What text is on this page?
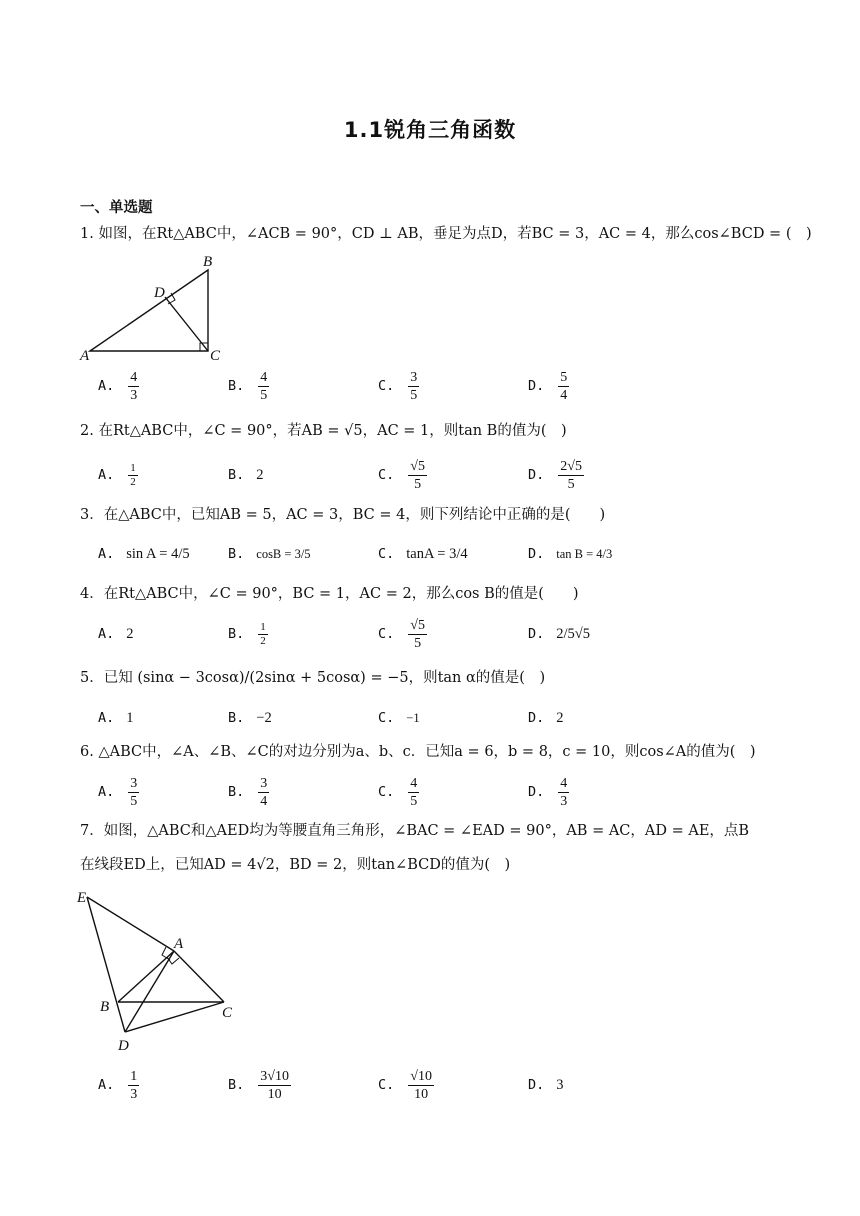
1.1锐角三角函数
一、单选题
1. 如图，在Rt△ABC中，∠ACB = 90°，CD ⊥ AB，垂足为点D，若BC = 3，AC = 4，那么cos∠BCD = (　)
B
D
A	C
A. $\frac{4}{3}$	B. $\frac{4}{5}$	C. $\frac{3}{5}$	D. $\frac{5}{4}$
2. 在Rt△ABC中，∠C = 90°，若AB = √5，AC = 1，则tan B的值为(　)
A. $\frac{1}{2}$	B. 2	C. $\frac{√5}{5}$	D. $\frac{2√5}{5}$
3．在△ABC中，已知AB = 5，AC = 3，BC = 4，则下列结论中正确的是(　　)
A. sin A = 4/5	B. cosB = 3/5	C. tanA = 3/4	D. tan B = 4/3
4．在Rt△ABC中，∠C = 90°，BC = 1，AC = 2，那么cos B的值是(　　)
A. 2	B. $\frac{1}{2}$	C. $\frac{√5}{5}$	D. 2/5√5
5．已知 (sinα − 3cosα)/(2sinα + 5cosα) = −5，则tan α的值是(　)
A. 1	B. −2	C. −1	D. 2
6. △ABC中，∠A、∠B、∠C的对边分别为a、b、c．已知a = 6，b = 8，c = 10，则cos∠A的值为(　)
A. $\frac{3}{5}$	B. $\frac{3}{4}$	C. $\frac{4}{5}$	D. $\frac{4}{3}$
7．如图，△ABC和△AED均为等腰直角三角形，∠BAC = ∠EAD = 90°，AB = AC，AD = AE，点B
在线段ED上，已知AD = 4√2，BD = 2，则tan∠BCD的值为(　)
E
A
B	C
D
A. $\frac{1}{3}$	B. $\frac{3√10}{10}$	C. $\frac{√10}{10}$	D. 3
